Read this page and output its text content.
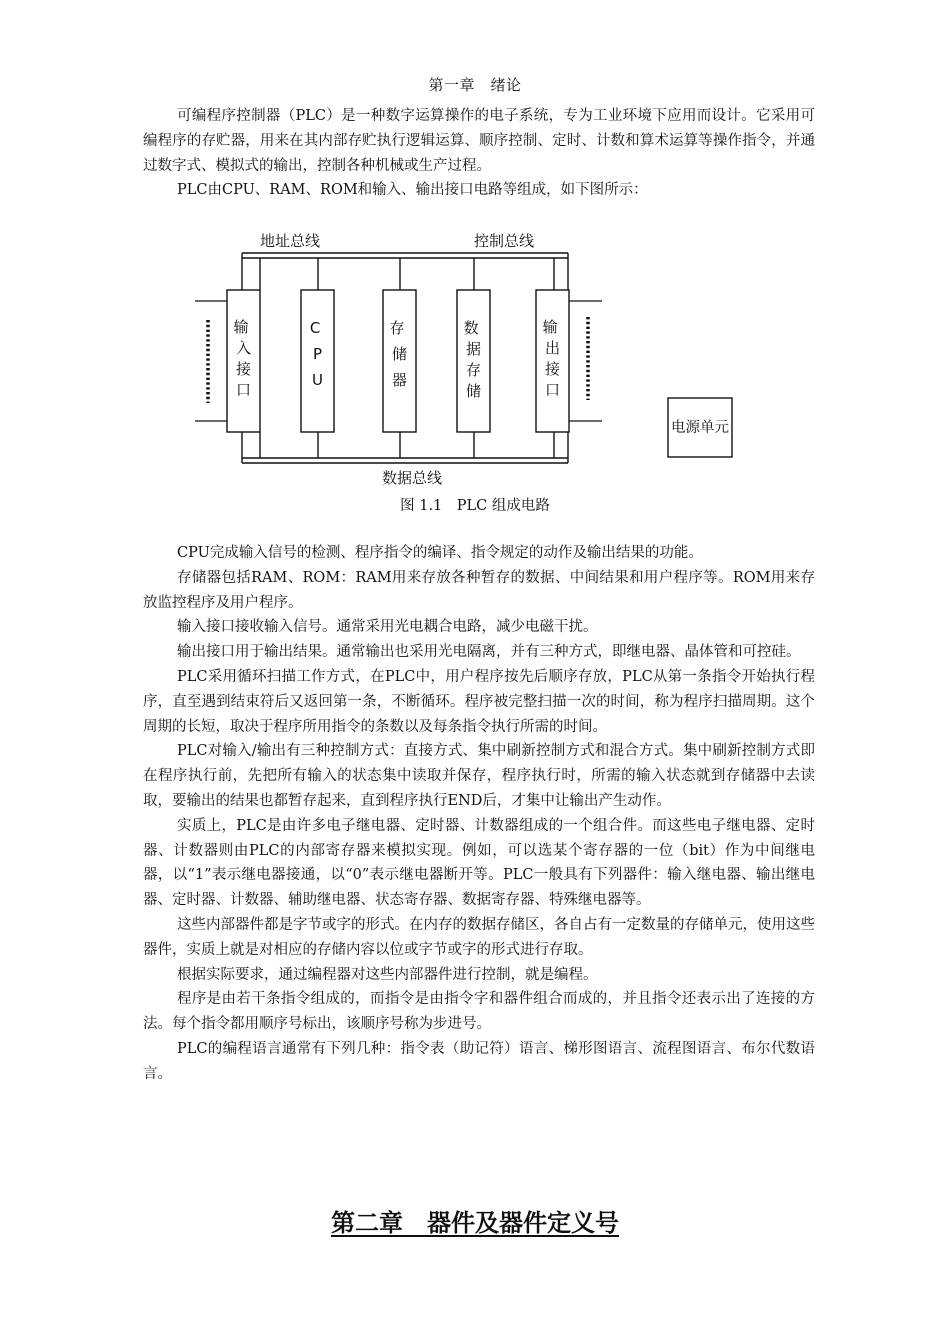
第一章　绪论

可编程序控制器（PLC）是一种数字运算操作的电子系统，专为工业环境下应用而设计。它采用可编程序的存贮器，用来在其内部存贮执行逻辑运算、顺序控制、定时、计数和算术运算等操作指令，并通过数字式、模拟式的输出，控制各种机械或生产过程。

PLC由CPU、RAM、ROM和输入、输出接口电路等组成，如下图所示：

地址总线	控制总线
输 入接口
C P U
存 储器
数 据存储
输 出接口
电源单元
数据总线
图 1.1　PLC 组成电路

CPU完成输入信号的检测、程序指令的编译、指令规定的动作及输出结果的功能。

存储器包括RAM、ROM：RAM用来存放各种暂存的数据、中间结果和用户程序等。ROM用来存放监控程序及用户程序。

输入接口接收输入信号。通常采用光电耦合电路，减少电磁干扰。

输出接口用于输出结果。通常输出也采用光电隔离，并有三种方式，即继电器、晶体管和可控硅。

PLC采用循环扫描工作方式，在PLC中，用户程序按先后顺序存放，PLC从第一条指令开始执行程序，直至遇到结束符后又返回第一条，不断循环。程序被完整扫描一次的时间，称为程序扫描周期。这个周期的长短，取决于程序所用指令的条数以及每条指令执行所需的时间。

PLC对输入/输出有三种控制方式：直接方式、集中刷新控制方式和混合方式。集中刷新控制方式即在程序执行前，先把所有输入的状态集中读取并保存，程序执行时，所需的输入状态就到存储器中去读取，要输出的结果也都暂存起来，直到程序执行END后，才集中让输出产生动作。

实质上，PLC是由许多电子继电器、定时器、计数器组成的一个组合件。而这些电子继电器、定时器、计数器则由PLC的内部寄存器来模拟实现。例如，可以选某个寄存器的一位（bit）作为中间继电器，以“1”表示继电器接通，以“0”表示继电器断开等。PLC一般具有下列器件：输入继电器、输出继电器、定时器、计数器、辅助继电器、状态寄存器、数据寄存器、特殊继电器等。

这些内部器件都是字节或字的形式。在内存的数据存储区，各自占有一定数量的存储单元，使用这些器件，实质上就是对相应的存储内容以位或字节或字的形式进行存取。

根据实际要求，通过编程器对这些内部器件进行控制，就是编程。

程序是由若干条指令组成的，而指令是由指令字和器件组合而成的，并且指令还表示出了连接的方法。每个指令都用顺序号标出，该顺序号称为步进号。

PLC的编程语言通常有下列几种：指令表（助记符）语言、梯形图语言、流程图语言、布尔代数语言。

第二章　器件及器件定义号
